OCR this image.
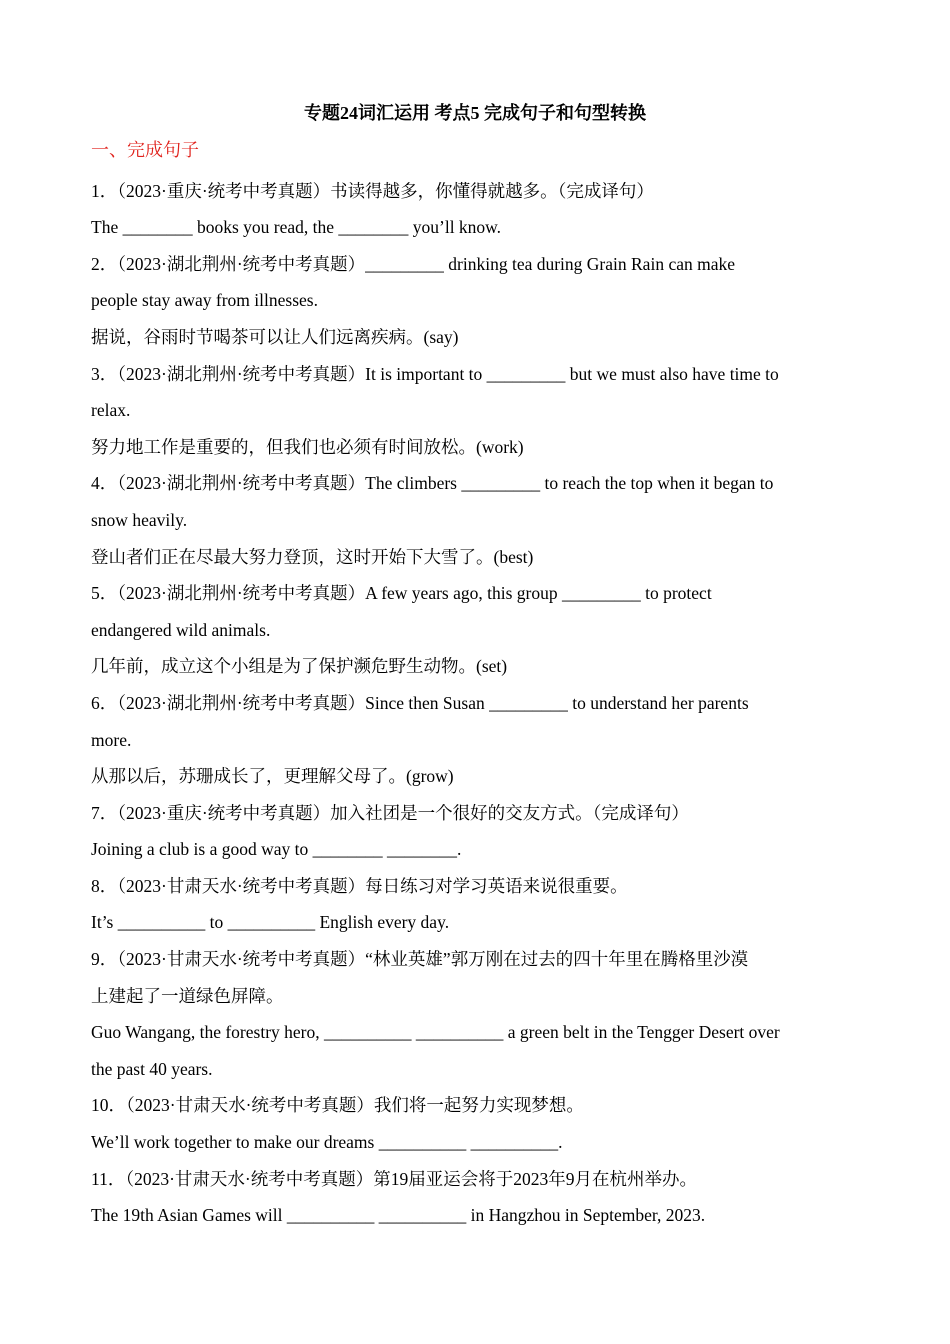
专题24词汇运用 考点5 完成句子和句型转换
一、完成句子
1．（2023·重庆·统考中考真题）书读得越多，你懂得就越多。（完成译句）
The ________ books you read, the ________ you’ll know.
2．（2023·湖北荆州·统考中考真题）_________ drinking tea during Grain Rain can make
people stay away from illnesses.
据说，谷雨时节喝茶可以让人们远离疾病。(say)
3．（2023·湖北荆州·统考中考真题）It is important to _________ but we must also have time to
relax.
努力地工作是重要的，但我们也必须有时间放松。(work)
4．（2023·湖北荆州·统考中考真题）The climbers _________ to reach the top when it began to
snow heavily.
登山者们正在尽最大努力登顶，这时开始下大雪了。(best)
5．（2023·湖北荆州·统考中考真题）A few years ago, this group _________ to protect
endangered wild animals.
几年前，成立这个小组是为了保护濒危野生动物。(set)
6．（2023·湖北荆州·统考中考真题）Since then Susan _________ to understand her parents
more.
从那以后，苏珊成长了，更理解父母了。(grow)
7．（2023·重庆·统考中考真题）加入社团是一个很好的交友方式。（完成译句）
Joining a club is a good way to ________ ________.
8．（2023·甘肃天水·统考中考真题）每日练习对学习英语来说很重要。
It’s __________ to __________ English every day.
9．（2023·甘肃天水·统考中考真题）“林业英雄”郭万刚在过去的四十年里在腾格里沙漠
上建起了一道绿色屏障。
Guo Wangang, the forestry hero, __________ __________ a green belt in the Tengger Desert over
the past 40 years.
10．（2023·甘肃天水·统考中考真题）我们将一起努力实现梦想。
We’ll work together to make our dreams __________ __________.
11．（2023·甘肃天水·统考中考真题）第19届亚运会将于2023年9月在杭州举办。
The 19th Asian Games will __________ __________ in Hangzhou in September, 2023.
